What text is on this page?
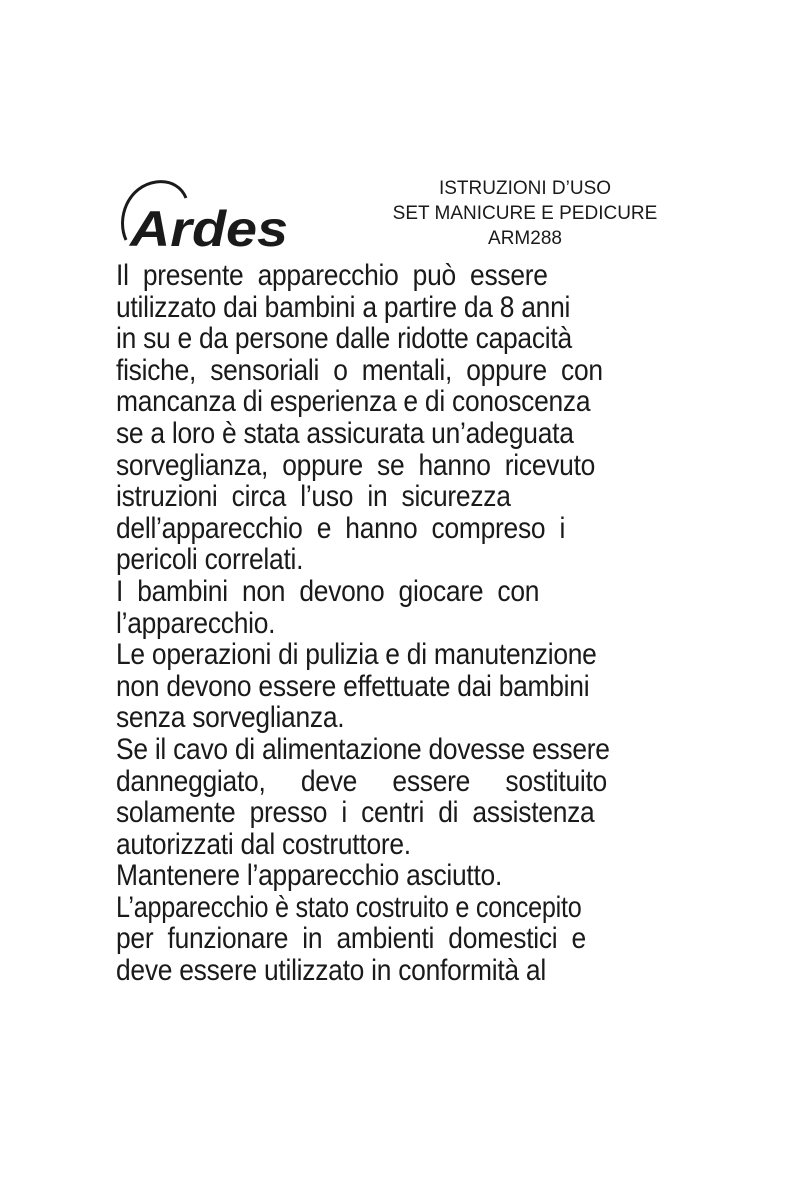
Ardes
ISTRUZIONI D’USO
SET MANICURE E PEDICURE
ARM288
Il  presente  apparecchio  può  essere
utilizzato dai bambini a partire da 8 anni
in su e da persone dalle ridotte capacità
fisiche,  sensoriali  o  mentali,  oppure  con
mancanza di esperienza e di conoscenza
se a loro è stata assicurata un’adeguata
sorveglianza,  oppure  se  hanno  ricevuto
istruzioni  circa  l’uso  in  sicurezza
dell’apparecchio  e  hanno  compreso  i
pericoli correlati.
I  bambini  non  devono  giocare  con
l’apparecchio.
Le operazioni di pulizia e di manutenzione
non devono essere effettuate dai bambini
senza sorveglianza.
Se il cavo di alimentazione dovesse essere
danneggiato,     deve     essere     sostituito
solamente  presso  i  centri  di  assistenza
autorizzati dal costruttore.
Mantenere l’apparecchio asciutto.
L’apparecchio è stato costruito e concepito
per  funzionare  in  ambienti  domestici  e
deve essere utilizzato in conformità al
